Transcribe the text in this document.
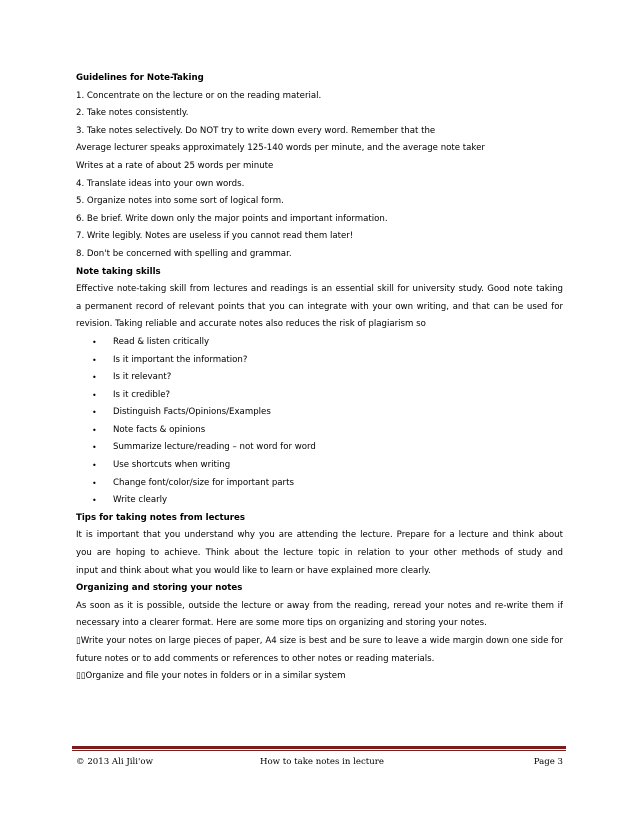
Guidelines for Note-Taking
1. Concentrate on the lecture or on the reading material.
2. Take notes consistently.
3. Take notes selectively. Do NOT try to write down every word. Remember that the
Average lecturer speaks approximately 125-140 words per minute, and the average note taker
Writes at a rate of about 25 words per minute
4. Translate ideas into your own words.
5. Organize notes into some sort of logical form.
6. Be brief. Write down only the major points and important information.
7. Write legibly. Notes are useless if you cannot read them later!
8. Don't be concerned with spelling and grammar.
Note taking skills
Effective note-taking skill from lectures and readings is an essential skill for university study. Good note taking
a permanent record of relevant points that you can integrate with your own writing, and that can be used for
revision. Taking reliable and accurate notes also reduces the risk of plagiarism so
• Read & listen critically
• Is it important the information?
• Is it relevant?
• Is it credible?
• Distinguish Facts/Opinions/Examples
• Note facts & opinions
• Summarize lecture/reading – not word for word
• Use shortcuts when writing
• Change font/color/size for important parts
• Write clearly
Tips for taking notes from lectures
It is important that you understand why you are attending the lecture. Prepare for a lecture and think about
you are hoping to achieve. Think about the lecture topic in relation to your other methods of study and
input and think about what you would like to learn or have explained more clearly.
Organizing and storing your notes
As soon as it is possible, outside the lecture or away from the reading, reread your notes and re-write them if
necessary into a clearer format. Here are some more tips on organizing and storing your notes.
▯Write your notes on large pieces of paper, A4 size is best and be sure to leave a wide margin down one side for
future notes or to add comments or references to other notes or reading materials.
▯▯Organize and file your notes in folders or in a similar system
© 2013 Ali Jili'ow	How to take notes in lecture	Page 3
